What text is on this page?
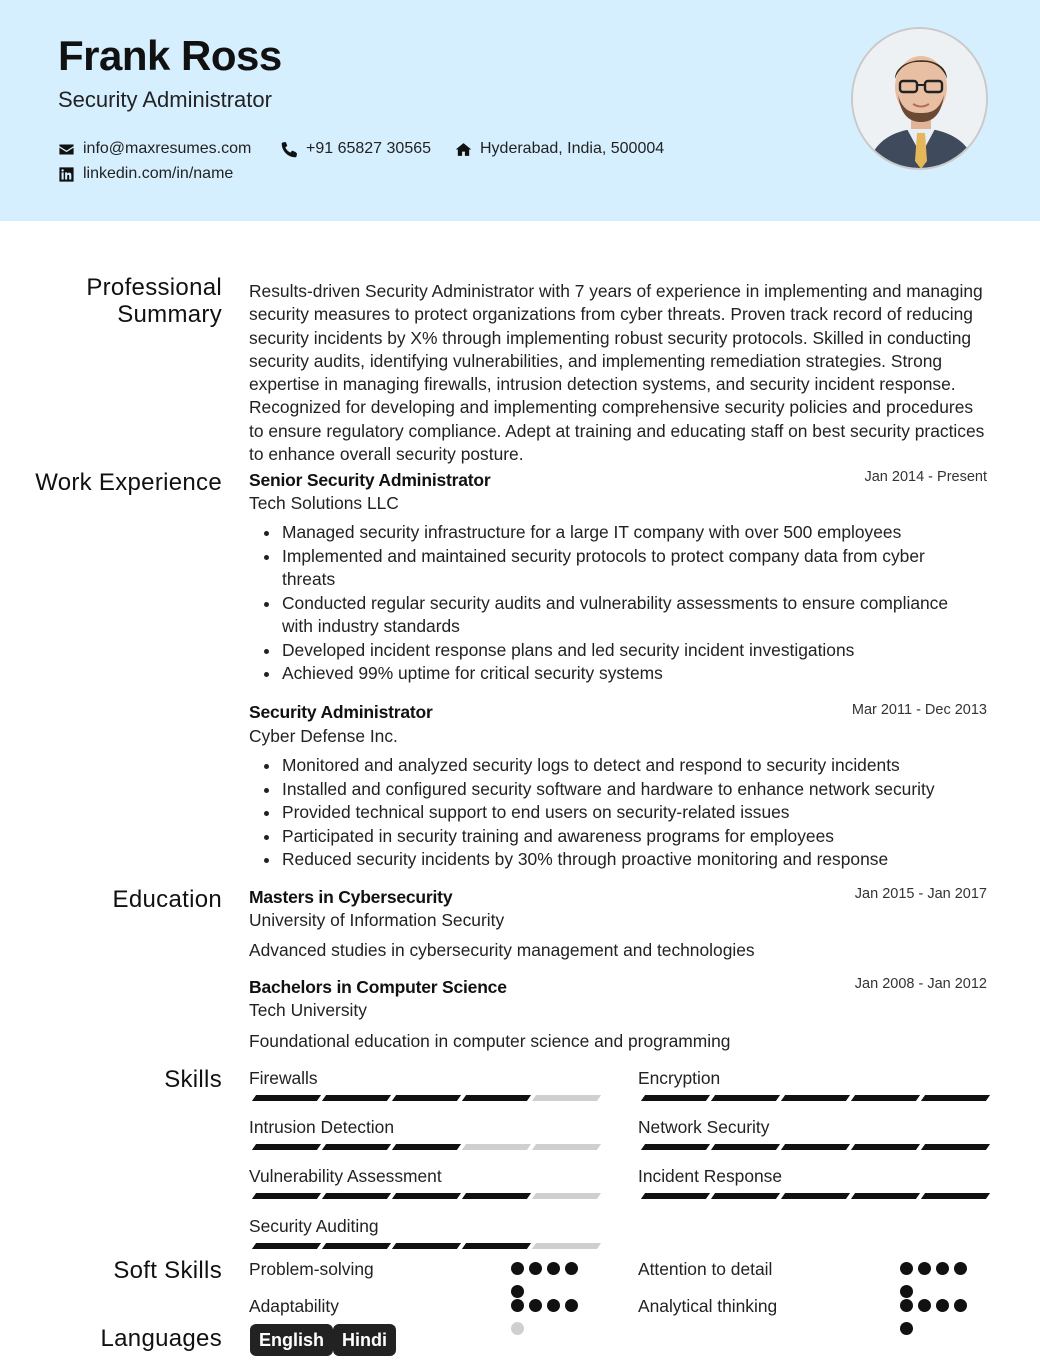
Frank Ross
Security Administrator
info@maxresumes.com	+91 65827 30565	Hyderabad, India, 500004
linkedin.com/in/name
Professional Summary
Work Experience
Education
Skills
Soft Skills
Languages
Results-driven Security Administrator with 7 years of experience in implementing and managing security measures to protect organizations from cyber threats. Proven track record of reducing security incidents by X% through implementing robust security protocols. Skilled in conducting security audits, identifying vulnerabilities, and implementing remediation strategies. Strong expertise in managing firewalls, intrusion detection systems, and security incident response. Recognized for developing and implementing comprehensive security policies and procedures to ensure regulatory compliance. Adept at training and educating staff on best security practices to enhance overall security posture.
Senior Security Administrator	Jan 2014 - Present
Tech Solutions LLC
Managed security infrastructure for a large IT company with over 500 employees
Implemented and maintained security protocols to protect company data from cyber threats
Conducted regular security audits and vulnerability assessments to ensure compliance with industry standards
Developed incident response plans and led security incident investigations
Achieved 99% uptime for critical security systems
Security Administrator	Mar 2011 - Dec 2013
Cyber Defense Inc.
Monitored and analyzed security logs to detect and respond to security incidents
Installed and configured security software and hardware to enhance network security
Provided technical support to end users on security-related issues
Participated in security training and awareness programs for employees
Reduced security incidents by 30% through proactive monitoring and response
Masters in Cybersecurity	Jan 2015 - Jan 2017
University of Information Security
Advanced studies in cybersecurity management and technologies
Bachelors in Computer Science	Jan 2008 - Jan 2012
Tech University
Foundational education in computer science and programming
Firewalls	Encryption
Intrusion Detection	Network Security
Vulnerability Assessment	Incident Response
Security Auditing
Problem-solving	Attention to detail
Adaptability	Analytical thinking
English Hindi
